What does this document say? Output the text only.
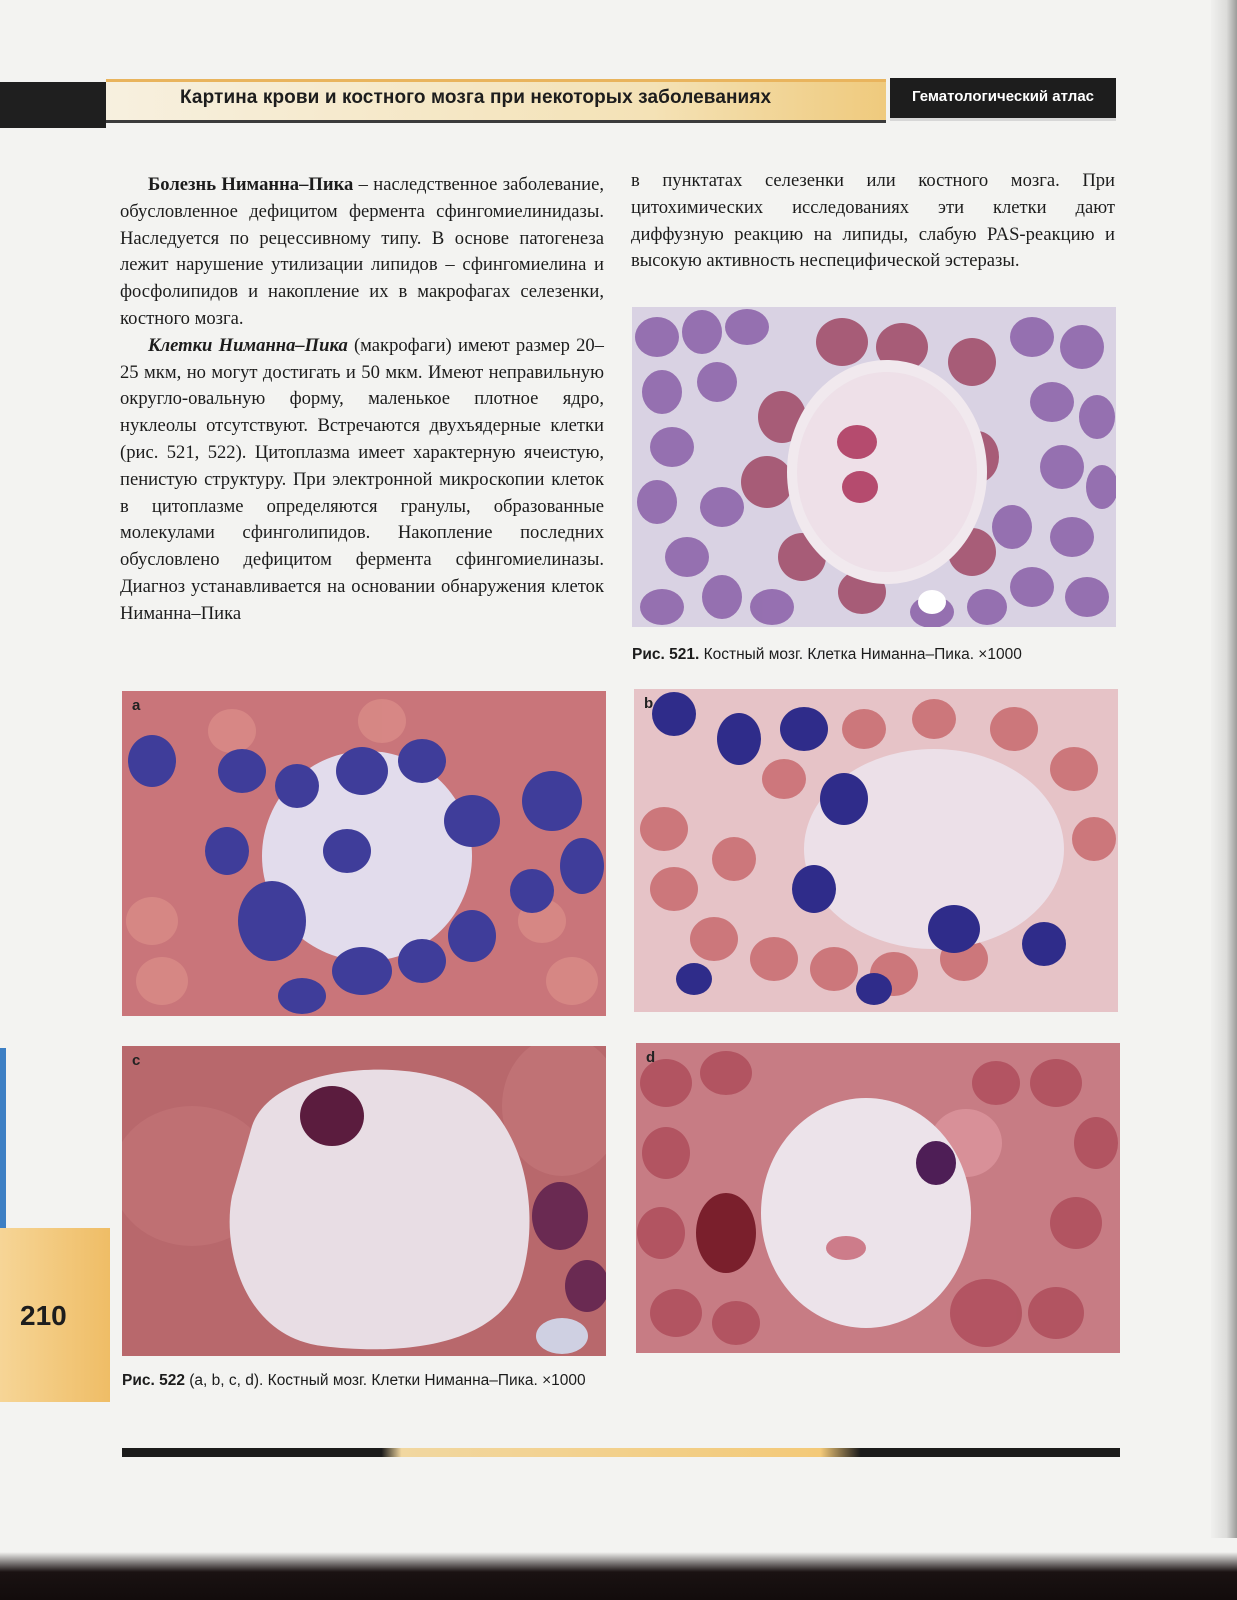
Картина крови и костного мозга при некоторых заболеваниях	Гематологический атлас

Болезнь Ниманна–Пика – наследственное заболевание, обусловленное дефицитом фермента сфингомиелинидазы. Наследуется по рецессивному типу. В основе патогенеза лежит нарушение утилизации липидов – сфингомиелина и фосфолипидов и накопление их в макрофагах селезенки, костного мозга.

Клетки Ниманна–Пика (макрофаги) имеют размер 20–25 мкм, но могут достигать и 50 мкм. Имеют неправильную округло-овальную форму, маленькое плотное ядро, нуклеолы отсутствуют. Встречаются двухъядерные клетки (рис. 521, 522). Цитоплазма имеет характерную ячеистую, пенистую структуру. При электронной микроскопии клеток в цитоплазме определяются гранулы, образованные молекулами сфинголипидов. Накопление последних обусловлено дефицитом фермента сфингомиелиназы. Диагноз устанавливается на основании обнаружения клеток Ниманна–Пика

в пунктатах селезенки или костного мозга. При цитохимических исследованиях эти клетки дают диффузную реакцию на липиды, слабую PAS-реакцию и высокую активность неспецифической эстеразы.

Рис. 521. Костный мозг. Клетка Ниманна–Пика. ×1000
a	b
c	d
Рис. 522 (a, b, c, d). Костный мозг. Клетки Ниманна–Пика. ×1000
210
